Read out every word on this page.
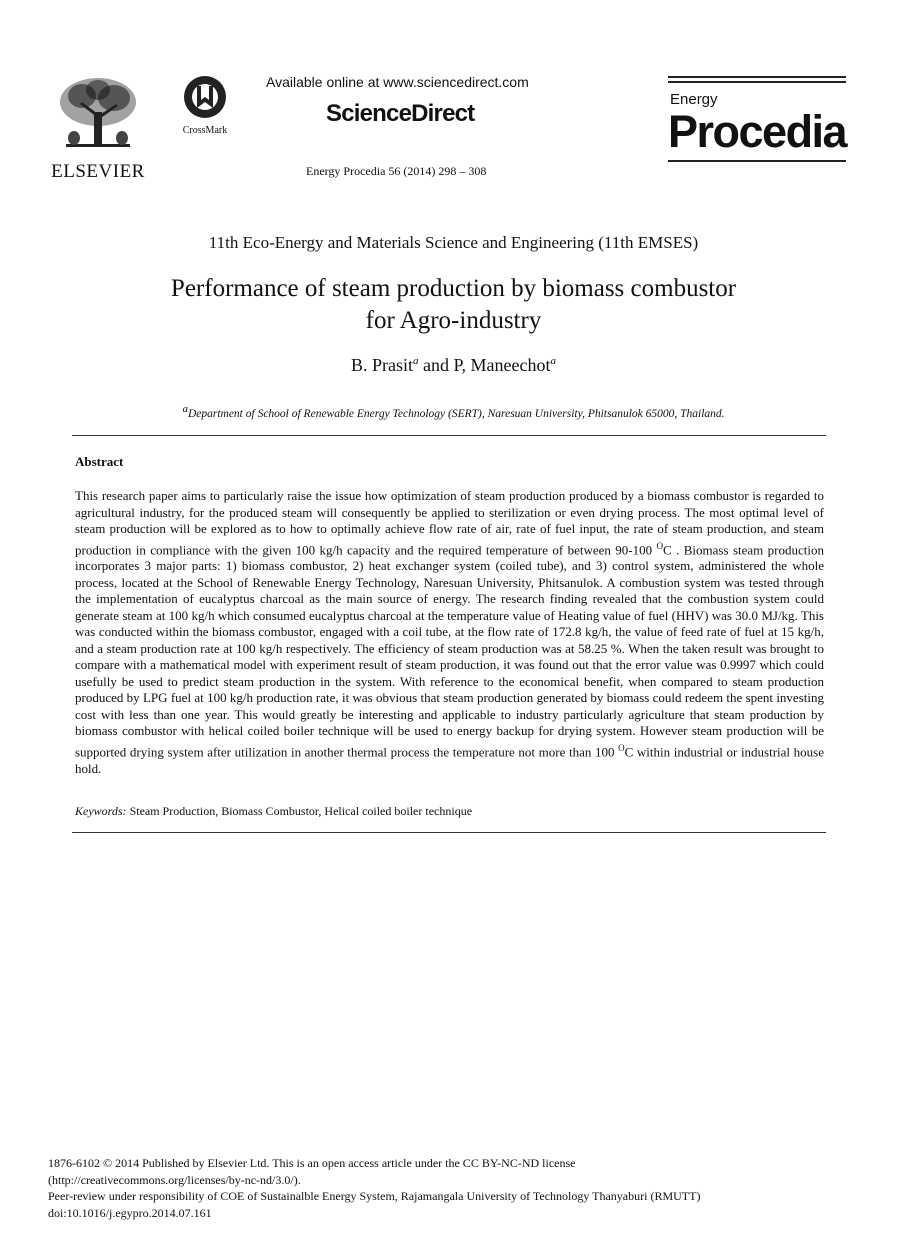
ELSEVIER
CrossMark
Available online at www.sciencedirect.com
ScienceDirect
Energy Procedia 56 (2014) 298 – 308
Energy
Procedia
11th Eco-Energy and Materials Science and Engineering (11th EMSES)
Performance of steam production by biomass combustor
for Agro-industry
B. Prasit$^a$ and P, Maneechot$^a$
$^a$Department of School of Renewable Energy Technology (SERT), Naresuan University, Phitsanulok 65000, Thailand.
Abstract
This research paper aims to particularly raise the issue how optimization of steam production produced by a biomass combustor is regarded to agricultural industry, for the produced steam will consequently be applied to sterilization or even drying process. The most optimal level of steam production will be explored as to how to optimally achieve flow rate of air, rate of fuel input, the rate of steam production, and steam production in compliance with the given 100 kg/h capacity and the required temperature of between 90-100 $^O$C . Biomass steam production incorporates 3 major parts: 1) biomass combustor, 2) heat exchanger system (coiled tube), and 3) control system, administered the whole process, located at the School of Renewable Energy Technology, Naresuan University, Phitsanulok. A combustion system was tested through the implementation of eucalyptus charcoal as the main source of energy. The research finding revealed that the combustion system could generate steam at 100 kg/h which consumed eucalyptus charcoal at the temperature value of Heating value of fuel (HHV) was 30.0 MJ/kg. This was conducted within the biomass combustor, engaged with a coil tube, at the flow rate of 172.8 kg/h, the value of feed rate of fuel at 15 kg/h, and a steam production rate at 100 kg/h respectively. The efficiency of steam production was at 58.25 %. When the taken result was brought to compare with a mathematical model with experiment result of steam production, it was found out that the error value was 0.9997 which could usefully be used to predict steam production in the system. With reference to the economical benefit, when compared to steam production produced by LPG fuel at 100 kg/h production rate, it was obvious that steam production generated by biomass could redeem the spent investing cost with less than one year. This would greatly be interesting and applicable to industry particularly agriculture that steam production by biomass combustor with helical coiled boiler technique will be used to energy backup for drying system. However steam production will be supported drying system after utilization in another thermal process the temperature not more than 100 $^O$C within industrial or industrial house hold.
Keywords: Steam Production, Biomass Combustor, Helical coiled boiler technique
1876-6102 © 2014 Published by Elsevier Ltd. This is an open access article under the CC BY-NC-ND license
(http://creativecommons.org/licenses/by-nc-nd/3.0/).
Peer-review under responsibility of COE of Sustainalble Energy System, Rajamangala University of Technology Thanyaburi (RMUTT)
doi:10.1016/j.egypro.2014.07.161
